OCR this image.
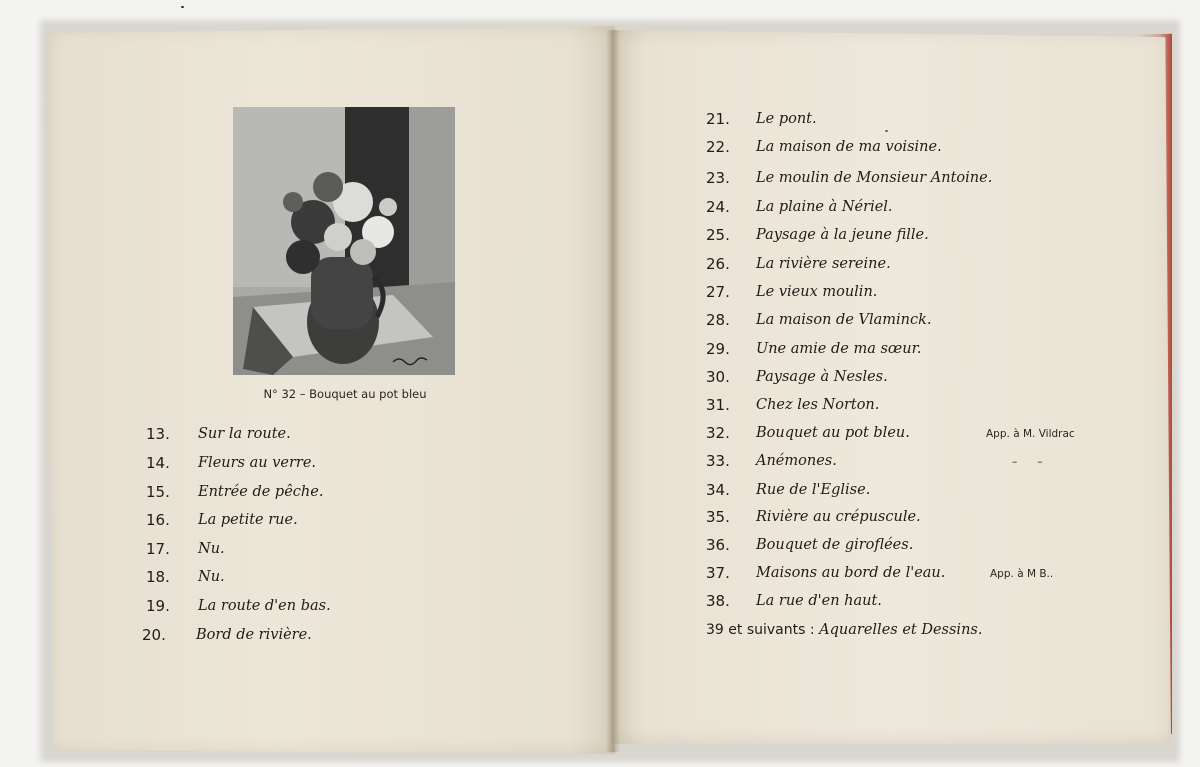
N° 32 – Bouquet au pot bleu
13. Sur la route.
14. Fleurs au verre.
15. Entrée de pêche.
16. La petite rue.
17. Nu.
18. Nu.
19. La route d'en bas.
20. Bord de rivière.
21. Le pont.
22. La maison de ma voisine.
23. Le moulin de Monsieur Antoine.
24. La plaine à Nériel.
25. Paysage à la jeune fille.
26. La rivière sereine.
27. Le vieux moulin.
28. La maison de Vlaminck.
29. Une amie de ma sœur.
30. Paysage à Nesles.
31. Chez les Norton.
32. Bouquet au pot bleu.	App. à M. Vildrac
33. Anémones.	–      –
34. Rue de l'Eglise.
35. Rivière au crépuscule.
36. Bouquet de giroflées.
37. Maisons au bord de l'eau.	App. à M B..
38. La rue d'en haut.
39 et suivants : Aquarelles et Dessins.
